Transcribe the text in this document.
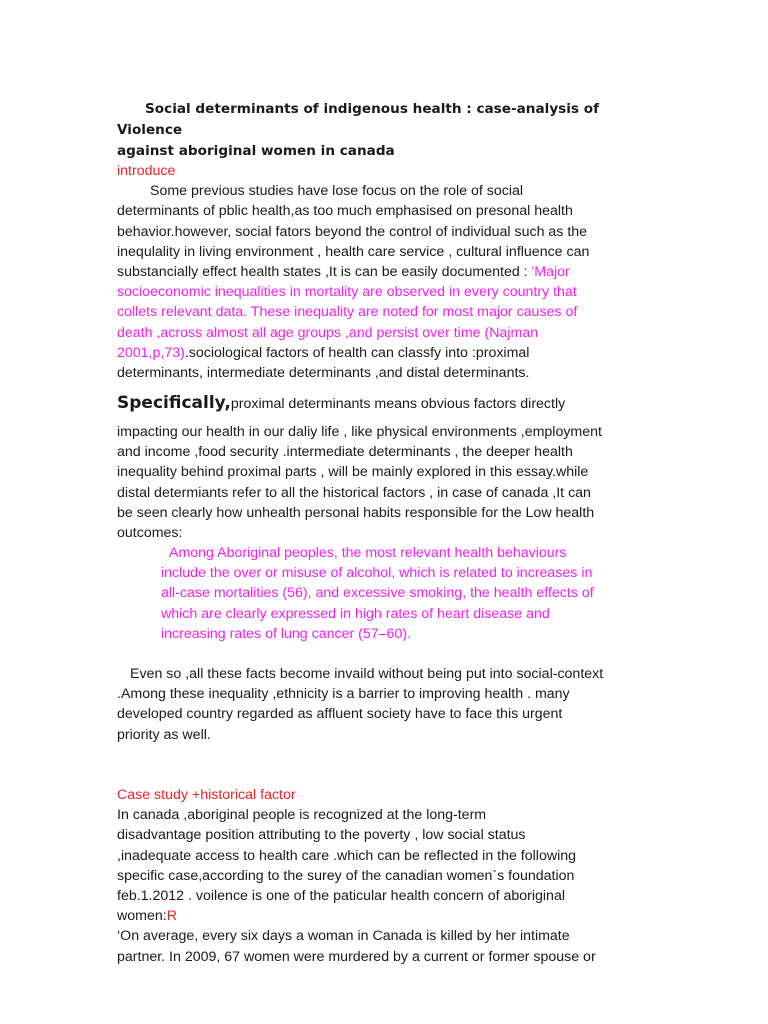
Social determinants of indigenous health : case-analysis of Violence
against aboriginal women in canada
introduce
Some previous studies have lose focus on the role of social
determinants of pblic health,as too much emphasised on presonal health
behavior.however, social fators beyond the control of individual such as the
inequlality in living environment , health care service , cultural influence can
substancially effect health states ,It is can be easily documented : 'Major
socioeconomic inequalities in mortality are observed in every country that
collets relevant data. These inequality are noted for most major causes of
death ,across almost all age groups ,and persist over time (Najman
2001,p,73).sociological factors of health can classfy into :proximal
determinants, intermediate determinants ,and distal determinants.
Specifically,proximal determinants means obvious factors directly
impacting our health in our daliy life , like physical environments ,employment
and income ,food security .intermediate determinants , the deeper health
inequality behind proximal parts , will be mainly explored in this essay.while
distal determiants refer to all the historical factors , in case of canada ,It can
be seen clearly how unhealth personal habits responsible for the Low health
outcomes:
Among Aboriginal peoples, the most relevant health behaviours
include the over or misuse of alcohol, which is related to increases in
all-case mortalities (56), and excessive smoking, the health effects of
which are clearly expressed in high rates of heart disease and
increasing rates of lung cancer (57–60).
Even so ,all these facts become invaild without being put into social-context
.Among these inequality ,ethnicity is a barrier to improving health . many
developed country regarded as affluent society have to face this urgent
priority as well.
Case study +historical factor
In canada ,aboriginal people is recognized at the long-term
disadvantage position attributing to the poverty , low social status
,inadequate access to health care .which can be reflected in the following
specific case,according to the surey of the canadian women`s foundation
feb.1.2012 . voilence is one of the paticular health concern of aboriginal
women:R
‘On average, every six days a woman in Canada is killed by her intimate
partner. In 2009, 67 women were murdered by a current or former spouse or
